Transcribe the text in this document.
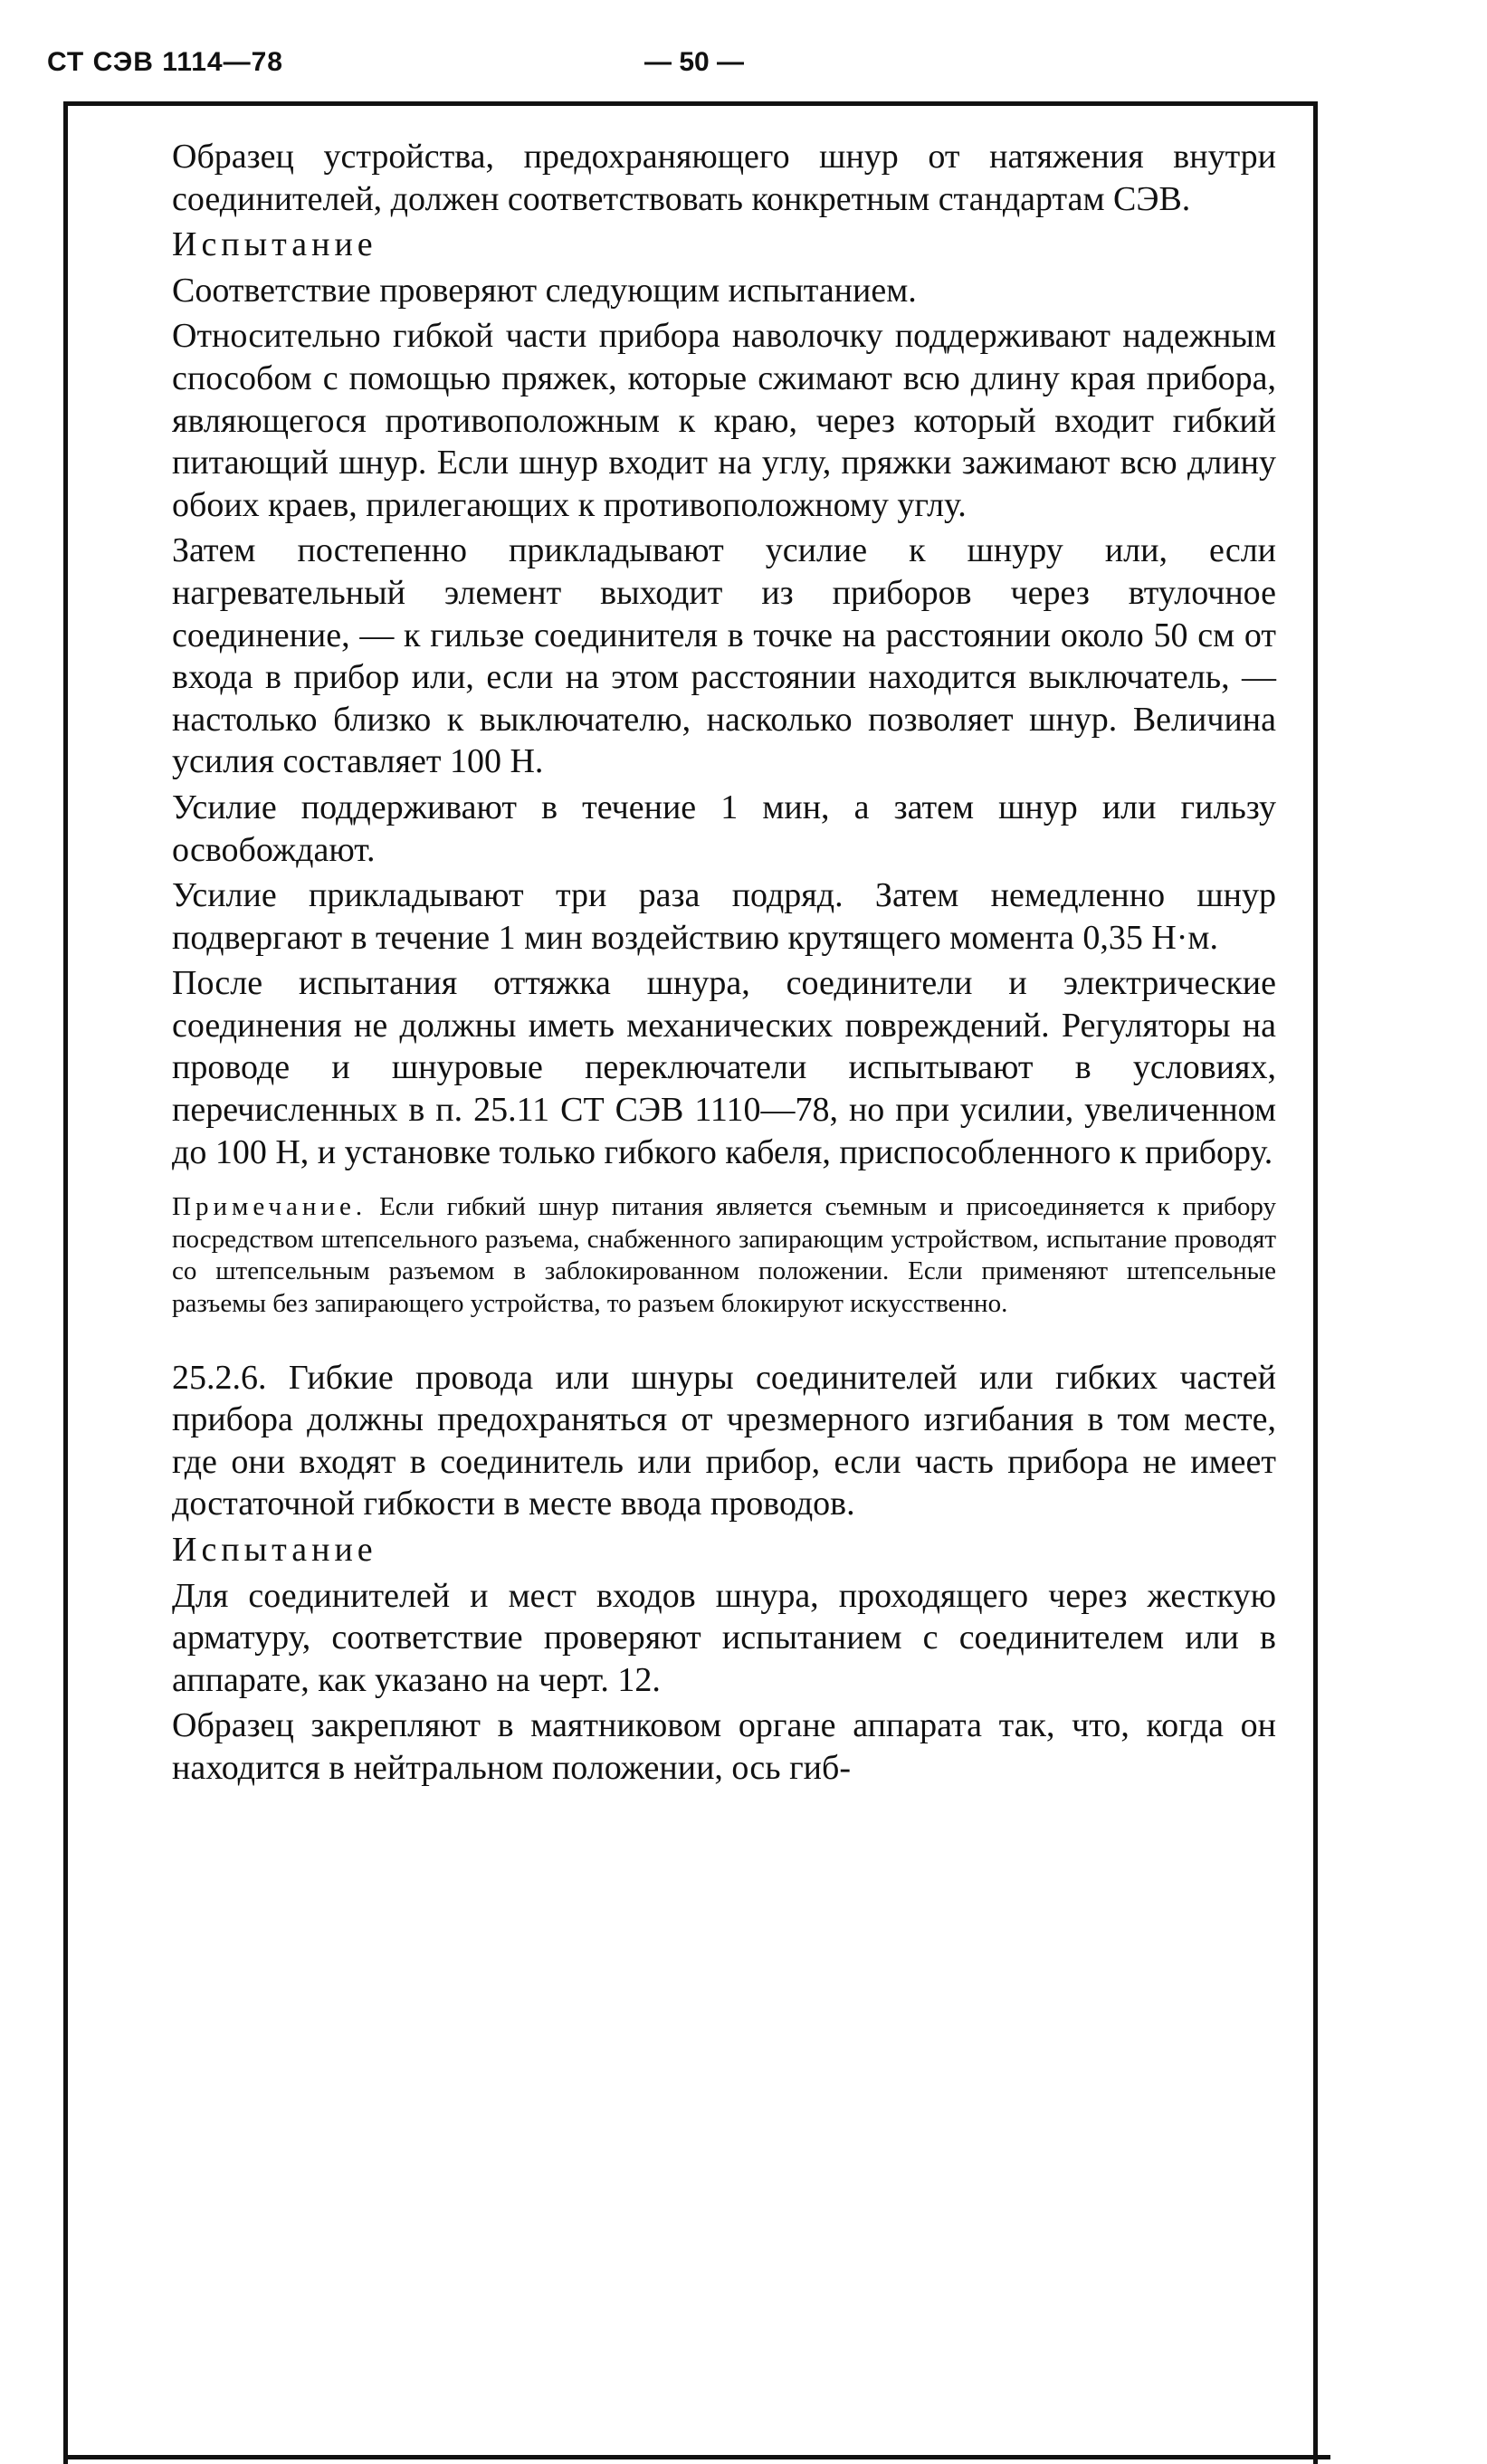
СТ СЭВ 1114—78	— 50 —

Образец устройства, предохраняющего шнур от натяжения внутри соединителей, должен соответствовать конкретным стандартам СЭВ.

Испытание

Соответствие проверяют следующим испытанием.

Относительно гибкой части прибора наволочку поддерживают надежным способом с помощью пряжек, которые сжимают всю длину края прибора, являющегося противоположным к краю, через который входит гибкий питающий шнур. Если шнур входит на углу, пряжки зажимают всю длину обоих краев, прилегающих к противоположному углу.

Затем постепенно прикладывают усилие к шнуру или, если нагревательный элемент выходит из приборов через втулочное соединение, — к гильзе соединителя в точке на расстоянии около 50 см от входа в прибор или, если на этом расстоянии находится выключатель, — настолько близко к выключателю, насколько позволяет шнур. Величина усилия составляет 100 Н.

Усилие поддерживают в течение 1 мин, а затем шнур или гильзу освобождают.

Усилие прикладывают три раза подряд. Затем немедленно шнур подвергают в течение 1 мин воздействию крутящего момента 0,35 Н·м.

После испытания оттяжка шнура, соединители и электрические соединения не должны иметь механических повреждений. Регуляторы на проводе и шнуровые переключатели испытывают в условиях, перечисленных в п. 25.11 СТ СЭВ 1110—78, но при усилии, увеличенном до 100 Н, и установке только гибкого кабеля, приспособленного к прибору.

Примечание. Если гибкий шнур питания является съемным и присоединяется к прибору посредством штепсельного разъема, снабженного запирающим устройством, испытание проводят со штепсельным разъемом в заблокированном положении. Если применяют штепсельные разъемы без запирающего устройства, то разъем блокируют искусственно.

25.2.6. Гибкие провода или шнуры соединителей или гибких частей прибора должны предохраняться от чрезмерного изгибания в том месте, где они входят в соединитель или прибор, если часть прибора не имеет достаточной гибкости в месте ввода проводов.

Испытание

Для соединителей и мест входов шнура, проходящего через жесткую арматуру, соответствие проверяют испытанием с соединителем или в аппарате, как указано на черт. 12.

Образец закрепляют в маятниковом органе аппарата так, что, когда он находится в нейтральном положении, ось гиб-
